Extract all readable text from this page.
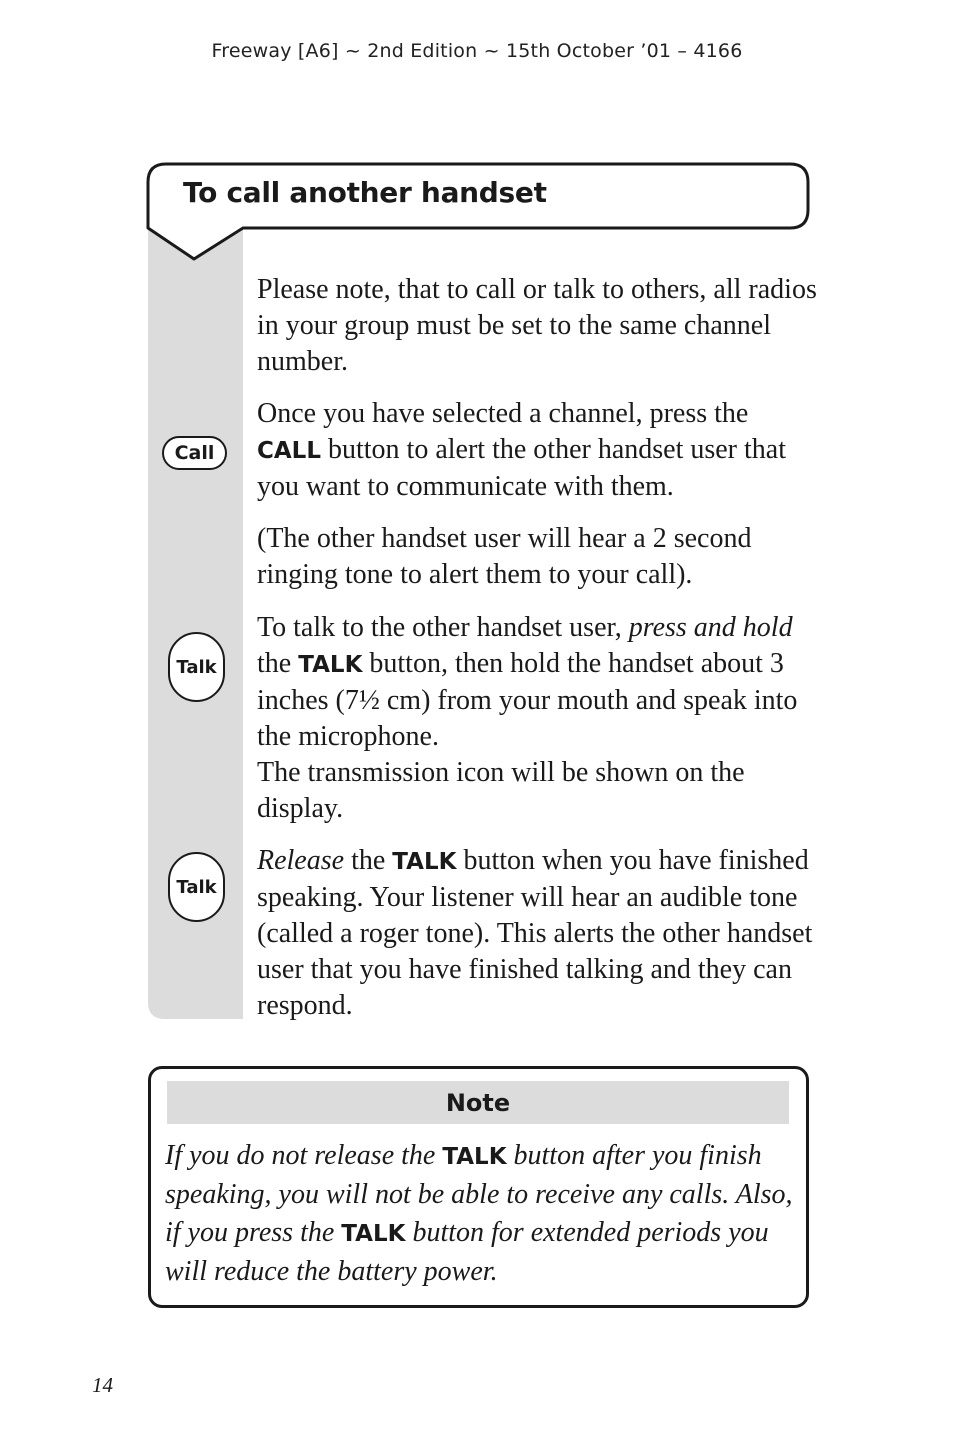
Freeway [A6] ~ 2nd Edition ~ 15th October ’01 – 4166
To call another handset

Please note, that to call or talk to others, all radios in your group must be set to the same channel number.

Call

Once you have selected a channel, press the CALL button to alert the other handset user that you want to communicate with them.

(The other handset user will hear a 2 second ringing tone to alert them to your call).

Talk

To talk to the other handset user, press and hold the TALK button, then hold the handset about 3 inches (7½ cm) from your mouth and speak into the microphone.
The transmission icon will be shown on the display.

Talk

Release the TALK button when you have finished speaking. Your listener will hear an audible tone (called a roger tone). This alerts the other handset user that you have finished talking and they can respond.

Note

If you do not release the TALK button after you finish speaking, you will not be able to receive any calls. Also, if you press the TALK button for extended periods you will reduce the battery power.

14
